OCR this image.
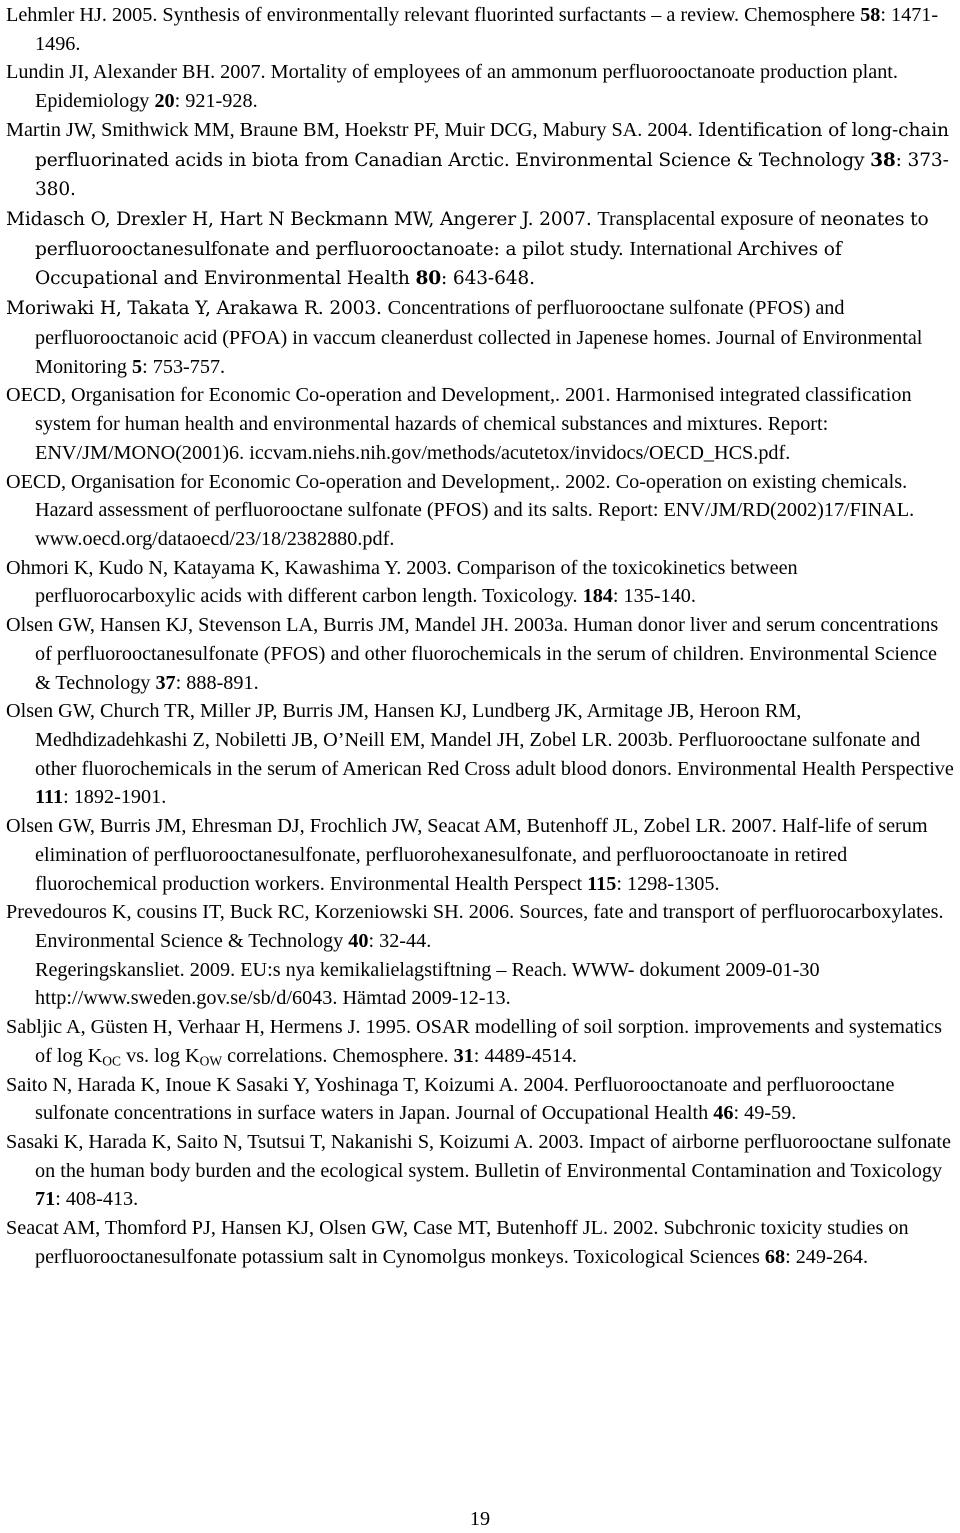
Lehmler HJ. 2005. Synthesis of environmentally relevant fluorinted surfactants – a review. Chemosphere 58: 1471-1496.
Lundin JI, Alexander BH. 2007. Mortality of employees of an ammonum perfluorooctanoate production plant. Epidemiology 20: 921-928.
Martin JW, Smithwick MM, Braune BM, Hoekstr PF, Muir DCG, Mabury SA. 2004. Identification of long-chain perfluorinated acids in biota from Canadian Arctic. Environmental Science & Technology 38: 373-380.
Midasch O, Drexler H, Hart N Beckmann MW, Angerer J. 2007. Transplacental exposure of neonates to perfluorooctanesulfonate and perfluorooctanoate: a pilot study. International Archives of Occupational and Environmental Health 80: 643-648.
Moriwaki H, Takata Y, Arakawa R. 2003. Concentrations of perfluorooctane sulfonate (PFOS) and perfluorooctanoic acid (PFOA) in vaccum cleanerdust collected in Japenese homes. Journal of Environmental Monitoring 5: 753-757.
OECD, Organisation for Economic Co-operation and Development,. 2001. Harmonised integrated classification system for human health and environmental hazards of chemical substances and mixtures. Report: ENV/JM/MONO(2001)6. iccvam.niehs.nih.gov/methods/acutetox/invidocs/OECD_HCS.pdf.
OECD, Organisation for Economic Co-operation and Development,. 2002. Co-operation on existing chemicals. Hazard assessment of perfluorooctane sulfonate (PFOS) and its salts. Report: ENV/JM/RD(2002)17/FINAL. www.oecd.org/dataoecd/23/18/2382880.pdf.
Ohmori K, Kudo N, Katayama K, Kawashima Y. 2003. Comparison of the toxicokinetics between perfluorocarboxylic acids with different carbon length. Toxicology. 184: 135-140.
Olsen GW, Hansen KJ, Stevenson LA, Burris JM, Mandel JH. 2003a. Human donor liver and serum concentrations of perfluorooctanesulfonate (PFOS) and other fluorochemicals in the serum of children. Environmental Science & Technology 37: 888-891.
Olsen GW, Church TR, Miller JP, Burris JM, Hansen KJ, Lundberg JK, Armitage JB, Heroon RM, Medhdizadehkashi Z, Nobiletti JB, O’Neill EM, Mandel JH, Zobel LR. 2003b. Perfluorooctane sulfonate and other fluorochemicals in the serum of American Red Cross adult blood donors. Environmental Health Perspective 111: 1892-1901.
Olsen GW, Burris JM, Ehresman DJ, Frochlich JW, Seacat AM, Butenhoff JL, Zobel LR. 2007. Half-life of serum elimination of perfluorooctanesulfonate, perfluorohexanesulfonate, and perfluorooctanoate in retired fluorochemical production workers. Environmental Health Perspect 115: 1298-1305.
Prevedouros K, cousins IT, Buck RC, Korzeniowski SH. 2006. Sources, fate and transport of perfluorocarboxylates. Environmental Science & Technology 40: 32-44.
Regeringskansliet. 2009. EU:s nya kemikalielagstiftning – Reach. WWW- dokument 2009-01-30 http://www.sweden.gov.se/sb/d/6043. Hämtad 2009-12-13.
Sabljic A, Güsten H, Verhaar H, Hermens J. 1995. OSAR modelling of soil sorption. improvements and systematics of $\log K_{OC}$ vs. $\log K_{OW}$ correlations. Chemosphere. 31: 4489-4514.
Saito N, Harada K, Inoue K Sasaki Y, Yoshinaga T, Koizumi A. 2004. Perfluorooctanoate and perfluorooctane sulfonate concentrations in surface waters in Japan. Journal of Occupational Health 46: 49-59.
Sasaki K, Harada K, Saito N, Tsutsui T, Nakanishi S, Koizumi A. 2003. Impact of airborne perfluorooctane sulfonate on the human body burden and the ecological system. Bulletin of Environmental Contamination and Toxicology 71: 408-413.
Seacat AM, Thomford PJ, Hansen KJ, Olsen GW, Case MT, Butenhoff JL. 2002. Subchronic toxicity studies on perfluorooctanesulfonate potassium salt in Cynomolgus monkeys. Toxicological Sciences 68: 249-264.
19
